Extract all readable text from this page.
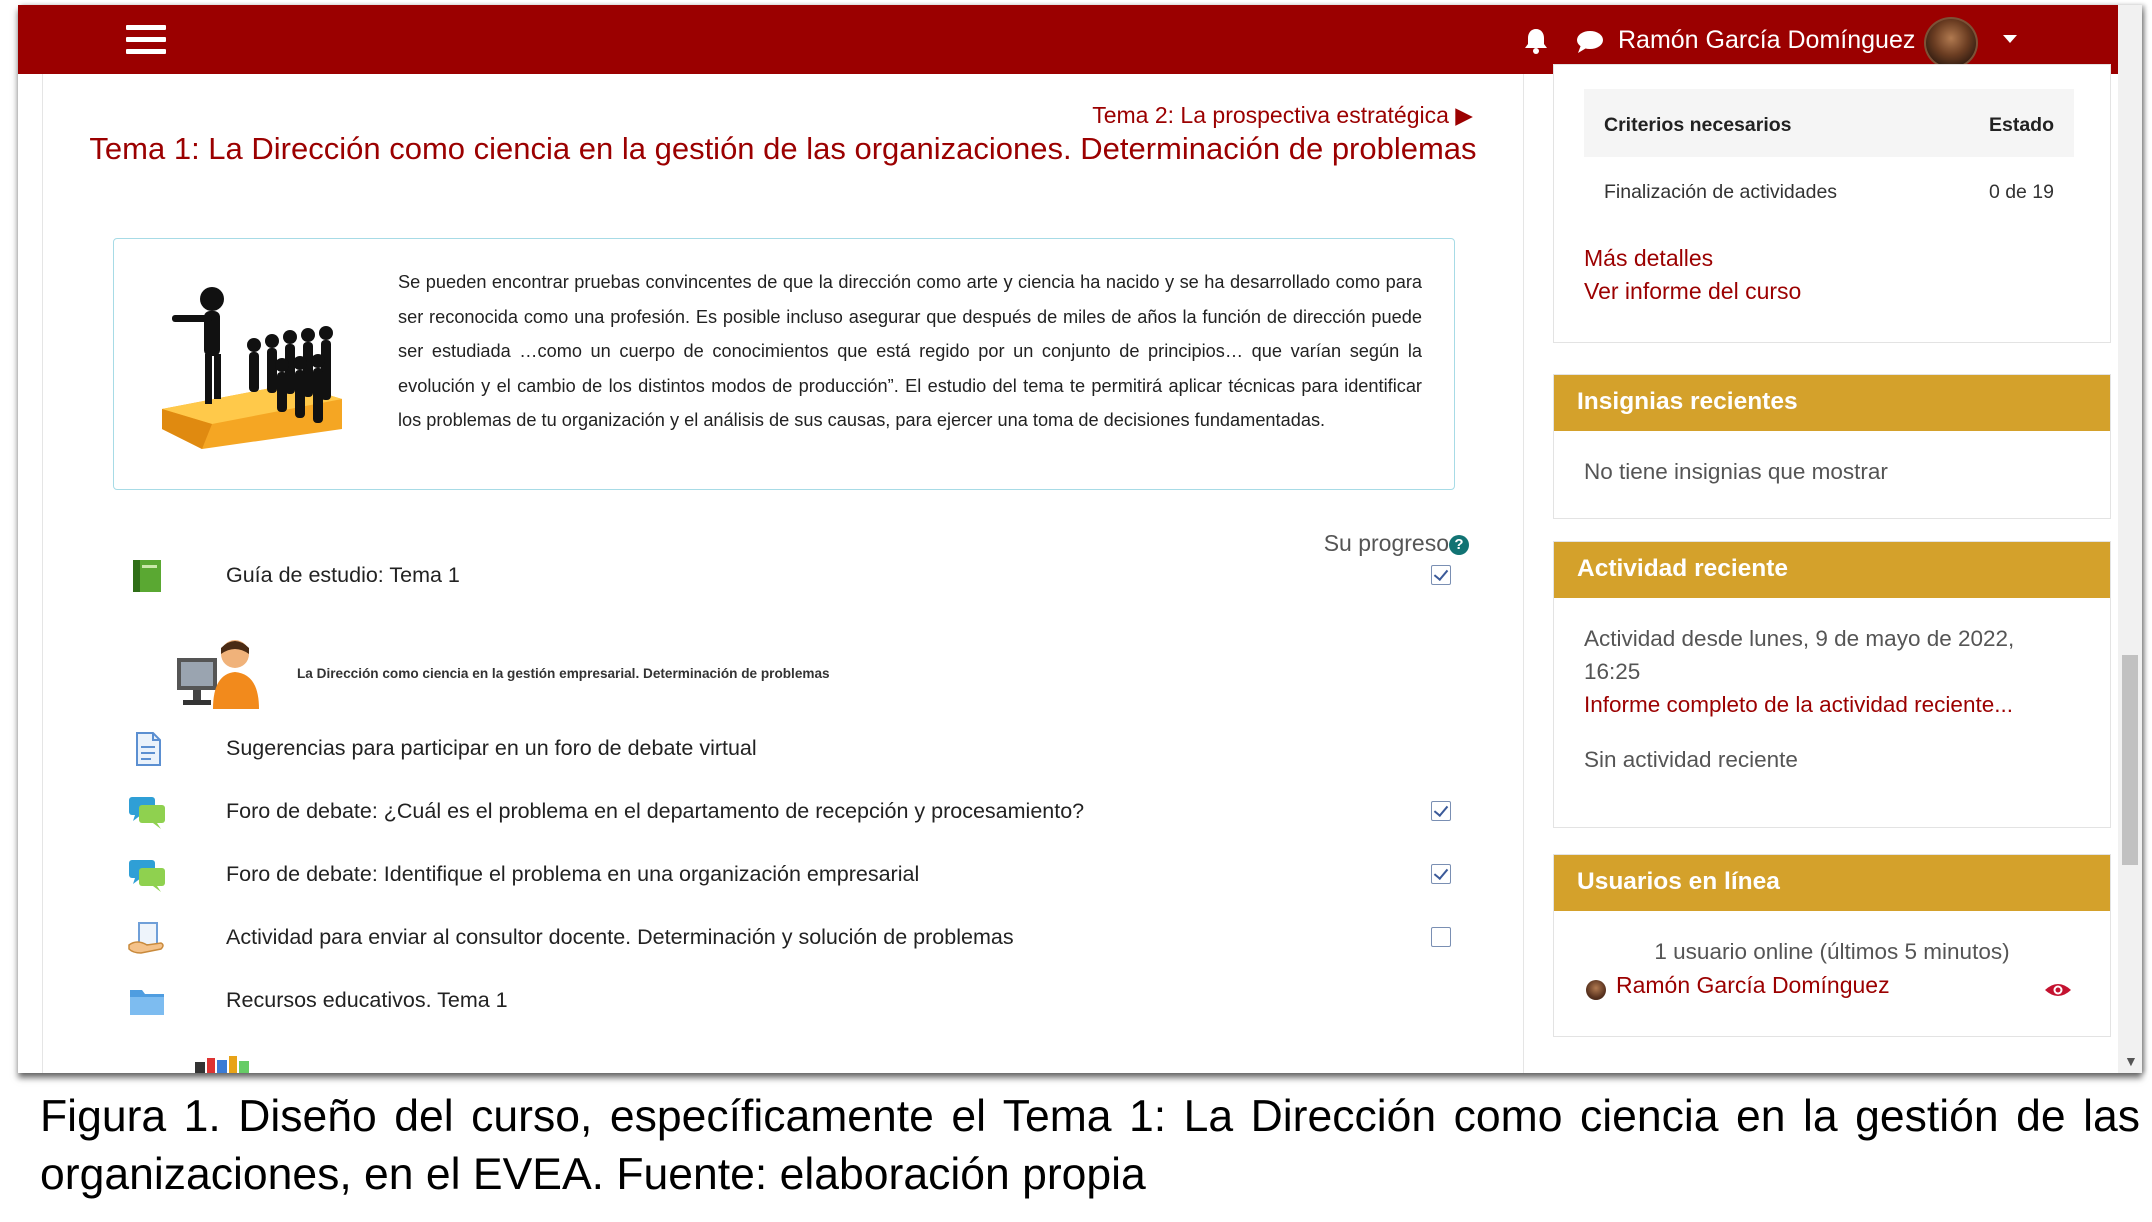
Ramón García Domínguez
Tema 2: La prospectiva estratégica ▶
Tema 1: La Dirección como ciencia en la gestión de las organizaciones. Determinación de problemas
Se pueden encontrar pruebas convincentes de que la dirección como arte y ciencia ha nacido y se ha desarrollado como para ser reconocida como una profesión. Es posible incluso asegurar que después de miles de años la función de dirección puede ser estudiada …como un cuerpo de conocimientos que está regido por un conjunto de principios… que varían según la evolución y el cambio de los distintos modos de producción”. El estudio del tema te permitirá aplicar técnicas para identificar los problemas de tu organización y el análisis de sus causas, para ejercer una toma de decisiones fundamentadas.
Su progreso ?
Guía de estudio: Tema 1
La Dirección como ciencia en la gestión empresarial. Determinación de problemas
Sugerencias para participar en un foro de debate virtual
Foro de debate: ¿Cuál es el problema en el departamento de recepción y procesamiento?
Foro de debate: Identifique el problema en una organización empresarial
Actividad para enviar al consultor docente. Determinación y solución de problemas
Recursos educativos. Tema 1
Criterios necesarios	Estado
Finalización de actividades	0 de 19
Más detalles
Ver informe del curso
Insignias recientes
No tiene insignias que mostrar
Actividad reciente
Actividad desde lunes, 9 de mayo de 2022,
16:25
Informe completo de la actividad reciente...
Sin actividad reciente
Usuarios en línea
1 usuario online (últimos 5 minutos)
Ramón García Domínguez
▼
Figura 1. Diseño del curso, específicamente el Tema 1: La Dirección como ciencia en la gestión de las organizaciones, en el EVEA. Fuente: elaboración propia
